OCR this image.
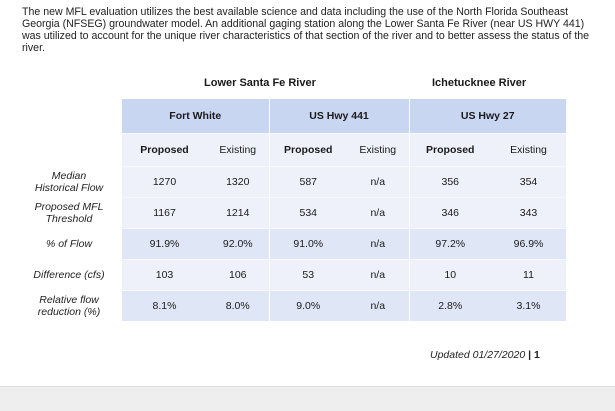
The new MFL evaluation utilizes the best available science and data including the use of the North Florida Southeast Georgia (NFSEG) groundwater model. An additional gaging station along the Lower Santa Fe River (near US HWY 441) was utilized to account for the unique river characteristics of that section of the river and to better assess the status of the river.
Lower Santa Fe River	Ichetucknee River
	Fort White		US Hwy 441		US Hwy 27	
	Proposed	Existing	Proposed	Existing	Proposed	Existing
Median
Historical Flow	1270	1320	587	n/a	356	354
Proposed MFL
Threshold	1167	1214	534	n/a	346	343
% of Flow	91.9%	92.0%	91.0%	n/a	97.2%	96.9%
Difference (cfs)	103	106	53	n/a	10	11
Relative flow
reduction (%)	8.1%	8.0%	9.0%	n/a	2.8%	3.1%
Updated 01/27/2020 | 1
